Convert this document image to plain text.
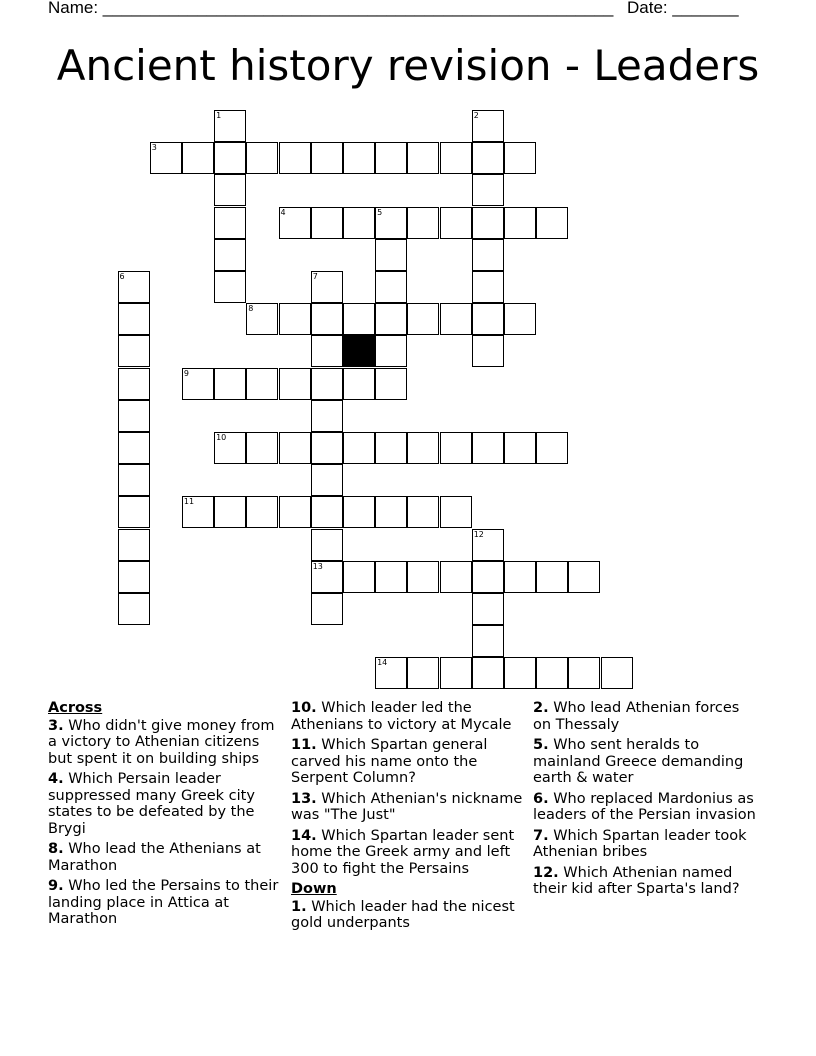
Name: ______________________________________________________ Date: _______
Ancient history revision - Leaders
3
4	5
8
9
10
11
13
14
1	2
6	7
12
Across
3. Who didn't give money from a victory to Athenian citizens but spent it on building ships
4. Which Persain leader suppressed many Greek city states to be defeated by the Brygi
8. Who lead the Athenians at Marathon
9. Who led the Persains to their landing place in Attica at Marathon
10. Which leader led the Athenians to victory at Mycale
11. Which Spartan general carved his name onto the Serpent Column?
13. Which Athenian's nickname was "The Just"
14. Which Spartan leader sent home the Greek army and left 300 to fight the Persains
Down
1. Which leader had the nicest gold underpants
2. Who lead Athenian forces on Thessaly
5. Who sent heralds to mainland Greece demanding earth & water
6. Who replaced Mardonius as leaders of the Persian invasion
7. Which Spartan leader took Athenian bribes
12. Which Athenian named their kid after Sparta's land?
